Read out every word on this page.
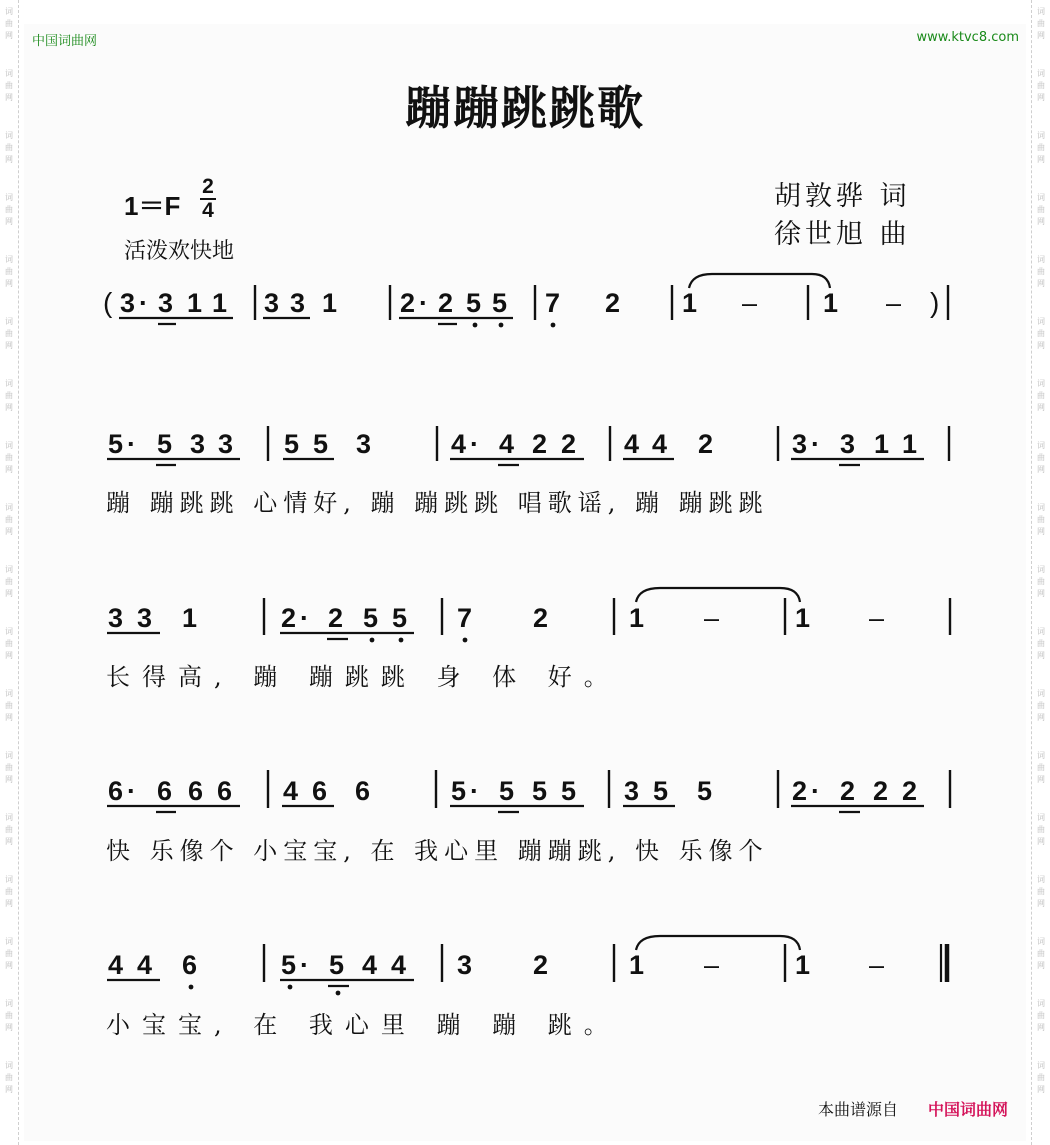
词
曲
网
词
曲
网
词
曲
网
词
曲
网
词
曲
网
词
曲
网
词
曲
网
词
曲
网
词
曲
网
词
曲
网
词
曲
网
词
曲
网
词
曲
网
词
曲
网
词
曲
网
词
曲
网
词
曲
网
词
曲
网
词
曲
网
词
曲
网
词
曲
网
词
曲
网
词
曲
网
词
曲
网
词
曲
网
词
曲
网
词
曲
网
词
曲
网
词
曲
网
词
曲
网
词
曲
网
词
曲
网
词
曲
网
词
曲
网
词
曲
网
词
曲
网
中国词曲网	www.ktvc8.com
蹦蹦跳跳歌
1＝F
2
4
活泼欢快地
胡敦骅 词
徐世旭 曲
( 3 · 3 1 1 3 3 1 2 · 2 5 5 7 2 1 – 1 – )
5 · 5 3 3 5 5 3	4 · 4 2 2 4 4 2	3 · 3 1 1
3 3 1	2 · 2 5 5 7 2	1 –	1 –
6 · 6 6 6 4 6 6	5 · 5 5 5 3 5 5	2 · 2 2 2
4 4 6	5 · 5 4 4 3 2	1 –	1 –
蹦 蹦跳跳 心情好, 蹦 蹦跳跳 唱歌谣, 蹦 蹦跳跳
长得高, 蹦 蹦跳跳 身 体 好。
快 乐像个 小宝宝, 在 我心里 蹦蹦跳, 快 乐像个
小宝宝, 在 我心里 蹦 蹦 跳。
本曲谱源自 中国词曲网
